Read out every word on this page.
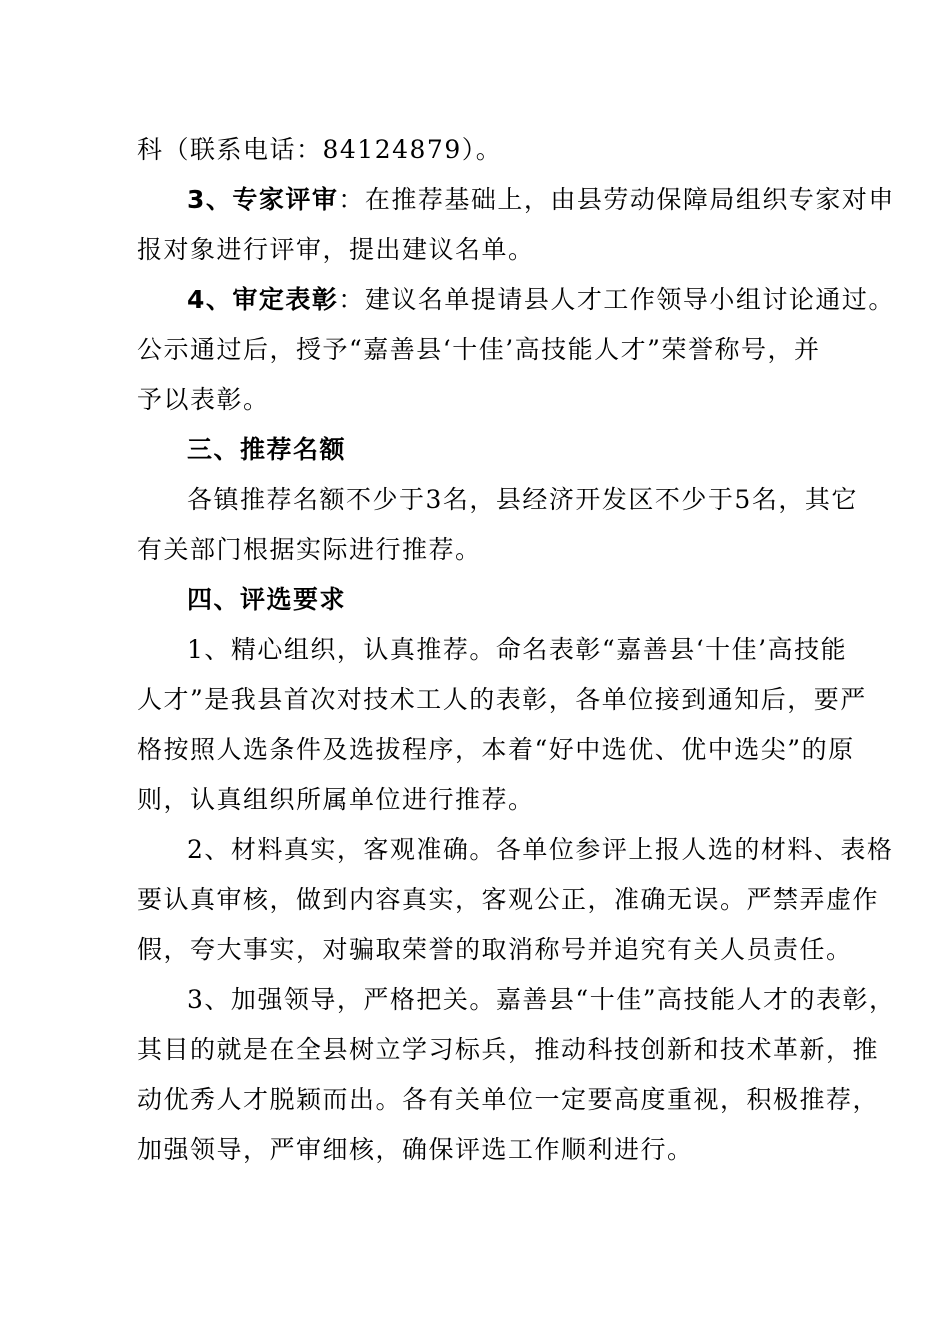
科（联系电话：84124879）。
3、专家评审：在推荐基础上，由县劳动保障局组织专家对申
报对象进行评审，提出建议名单。
4、审定表彰：建议名单提请县人才工作领导小组讨论通过。
公示通过后，授予“嘉善县‘十佳’高技能人才”荣誉称号，并
予以表彰。
三、推荐名额
各镇推荐名额不少于3名，县经济开发区不少于5名，其它
有关部门根据实际进行推荐。
四、评选要求
1、精心组织，认真推荐。命名表彰“嘉善县‘十佳’高技能
人才”是我县首次对技术工人的表彰，各单位接到通知后，要严
格按照人选条件及选拔程序，本着“好中选优、优中选尖”的原
则，认真组织所属单位进行推荐。
2、材料真实，客观准确。各单位参评上报人选的材料、表格
要认真审核，做到内容真实，客观公正，准确无误。严禁弄虚作
假，夸大事实，对骗取荣誉的取消称号并追究有关人员责任。
3、加强领导，严格把关。嘉善县“十佳”高技能人才的表彰，
其目的就是在全县树立学习标兵，推动科技创新和技术革新，推
动优秀人才脱颖而出。各有关单位一定要高度重视，积极推荐，
加强领导，严审细核，确保评选工作顺利进行。
